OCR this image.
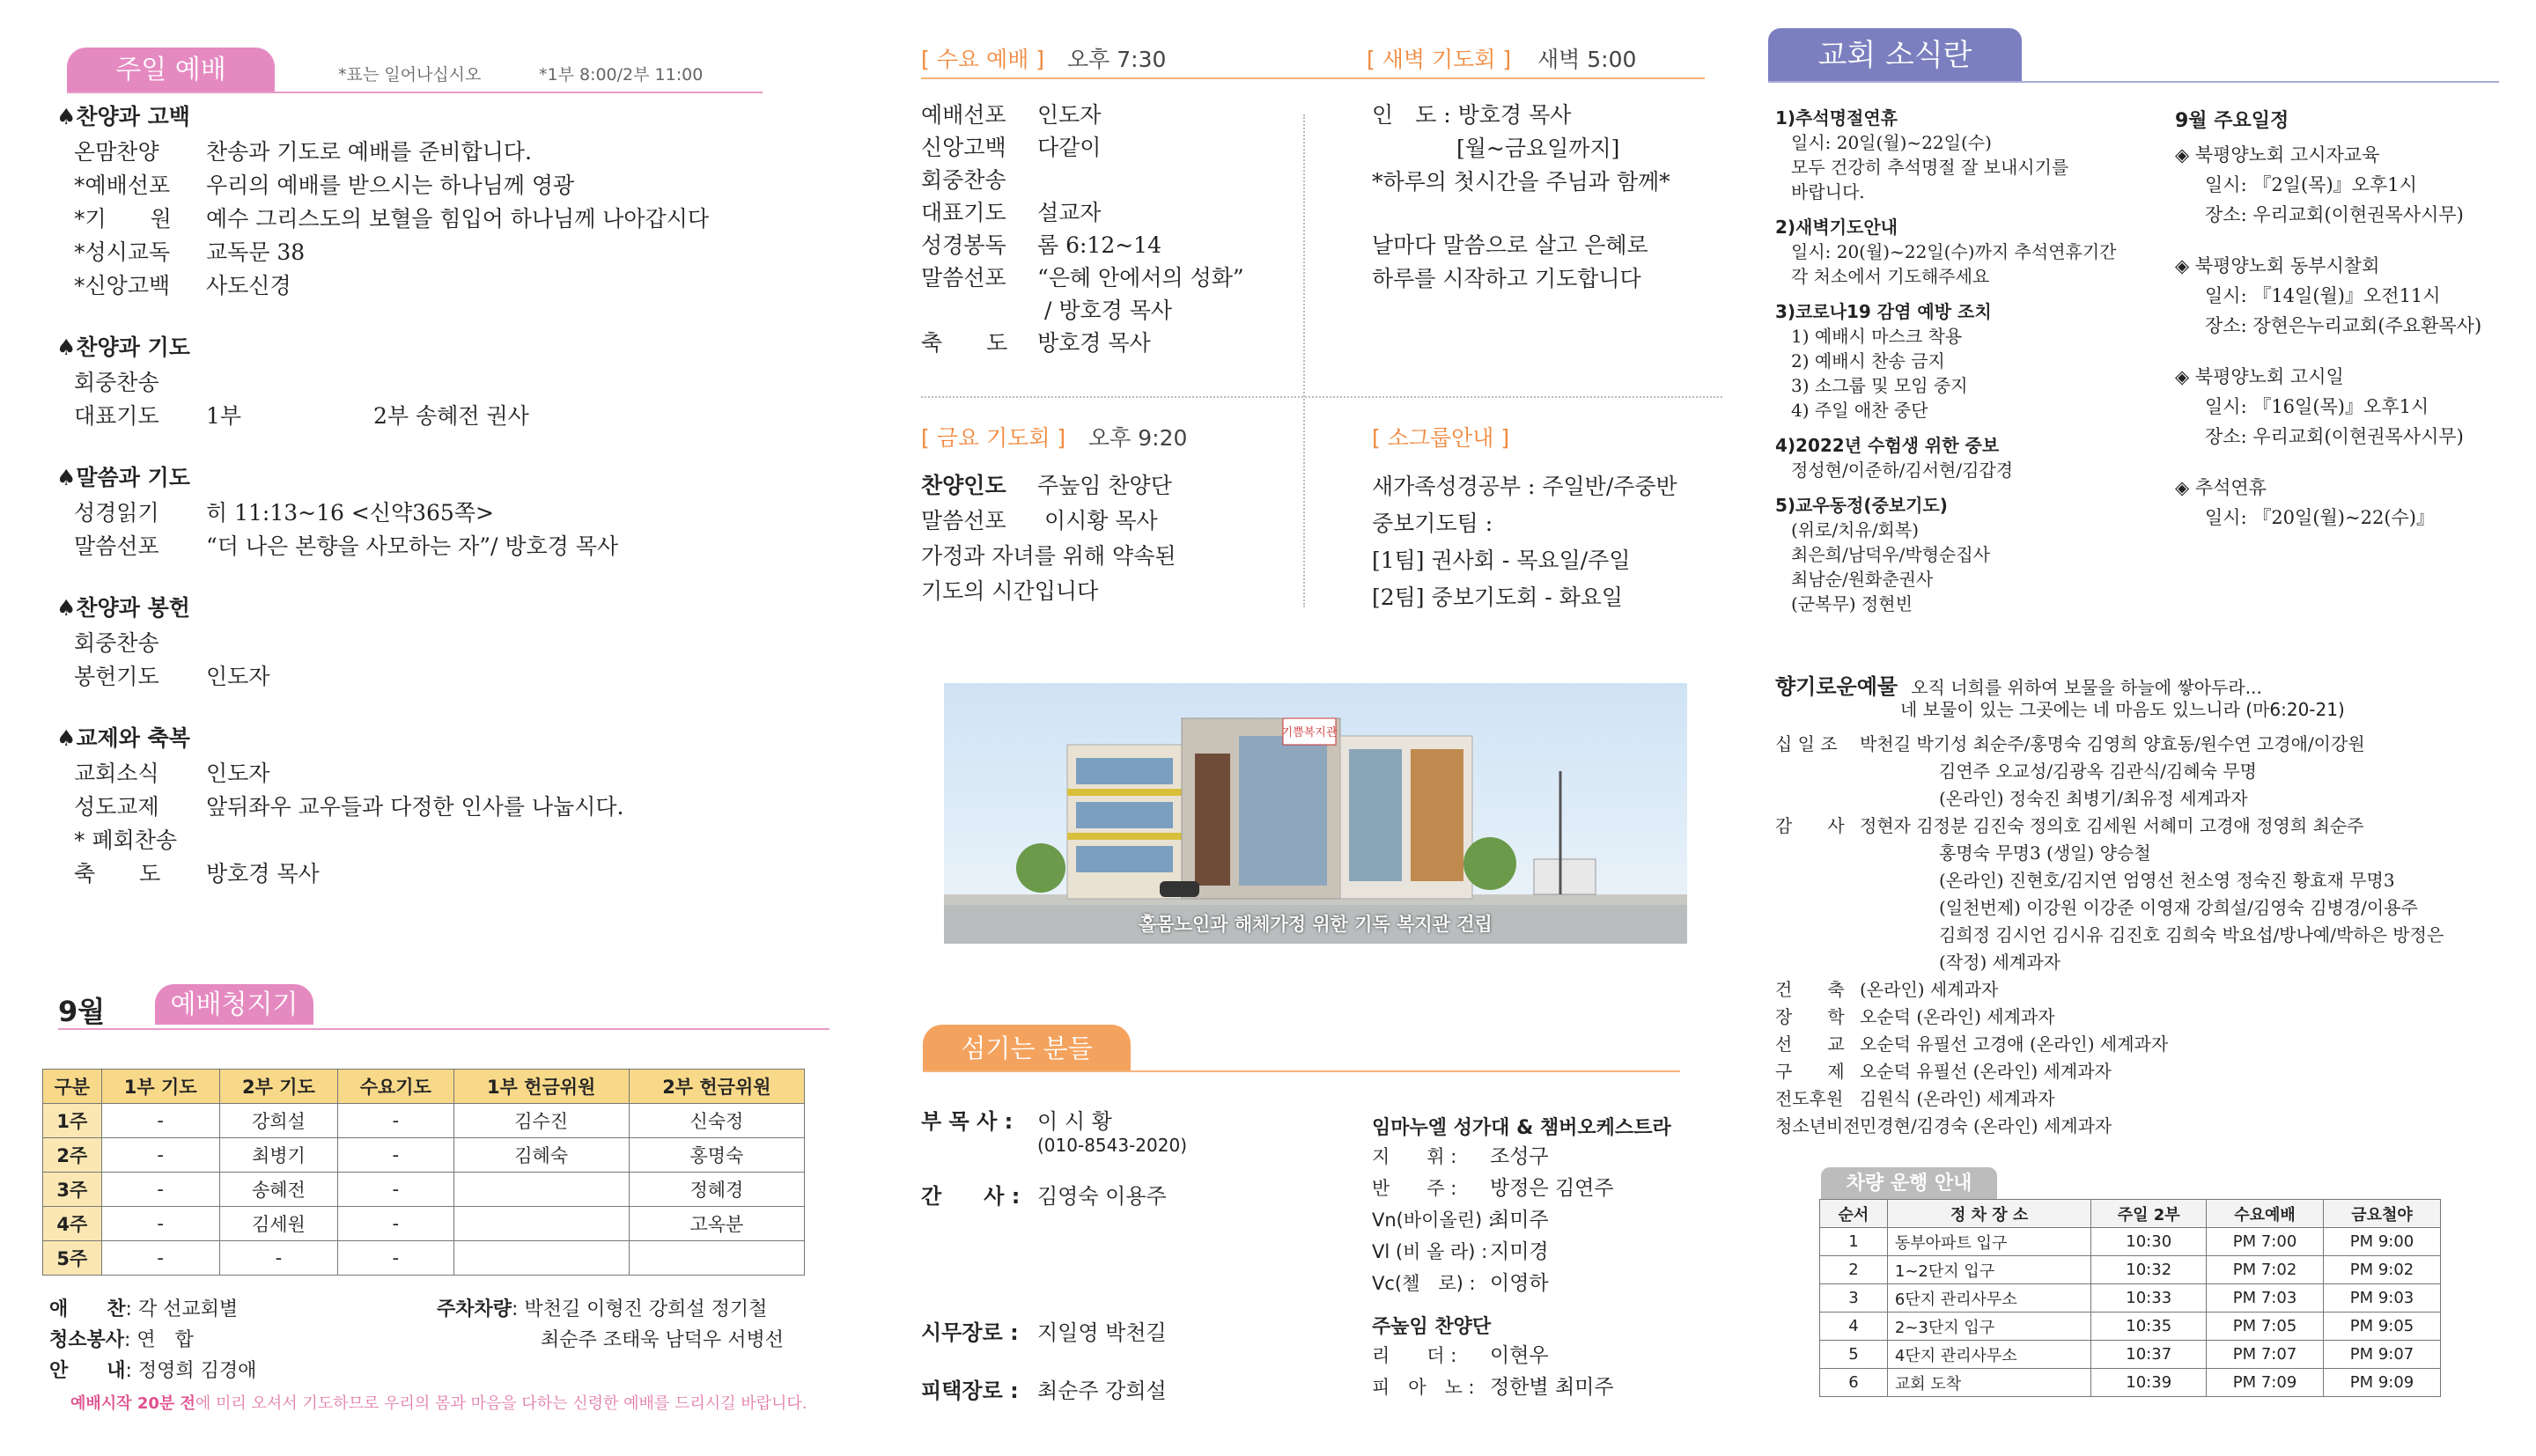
주일 예배	*표는 일어나십시오	*1부 8:00/2부 11:00
♠찬양과 고백
온맘찬양	찬송과 기도로 예배를 준비합니다.
*예배선포	우리의 예배를 받으시는 하나님께 영광
*기　　원	예수 그리스도의 보혈을 힘입어 하나님께 나아갑시다
*성시교독	교독문 38
*신앙고백	사도신경
♠찬양과 기도
회중찬송
대표기도	1부　　　　　　2부 송혜전 권사
♠말씀과 기도
성경읽기	히 11:13~16 <신약365쪽>
말씀선포	“더 나은 본향을 사모하는 자”/ 방호경 목사
♠찬양과 봉헌
회중찬송
봉헌기도	인도자
♠교제와 축복
교회소식	인도자
성도교제	앞뒤좌우 교우들과 다정한 인사를 나눕시다.
* 폐회찬송
축　　도	방호경 목사
9월	예배청지기
구분	1부 기도	2부 기도	수요기도	1부 헌금위원	2부 헌금위원
1주	-	강희설	-	김수진	신숙정
2주	-	최병기	-	김혜숙	홍명숙
3주	-	송혜전	-		정혜경
4주	-	김세원	-		고옥분
5주	-	-	-		
애　　찬: 각 선교회별	주차차량: 박천길 이형진 강희설 정기철
청소봉사: 연　합	최순주 조태욱 남덕우 서병선
안　　내: 정영희 김경애
예배시작 20분 전에 미리 오셔서 기도하므로 우리의 몸과 마음을 다하는 신령한 예배를 드리시길 바랍니다.
[ 수요 예배 ] 오후 7:30	[ 새벽 기도회 ] 새벽 5:00
예배선포 인도자
신앙고백 다같이
회중찬송
대표기도 설교자
성경봉독 롬 6:12~14
말씀선포 “은혜 안에서의 성화”
/ 방호경 목사
축　　도 방호경 목사
인　도 : 방호경 목사
[월~금요일까지]
*하루의 첫시간을 주님과 함께*
날마다 말씀으로 살고 은혜로
하루를 시작하고 기도합니다
[ 금요 기도회 ] 오후 9:20	[ 소그룹안내 ]
찬양인도 주높임 찬양단
말씀선포 이시황 목사
가정과 자녀를 위해 약속된
기도의 시간입니다
새가족성경공부 : 주일반/주중반
중보기도팀 :
[1팀] 권사회 - 목요일/주일
[2팀] 중보기도회 - 화요일
기쁨복지관
홀몸노인과 해체가정 위한 기독 복지관 건립
섬기는 분들
부 목 사 : 이 시 황
(010-8543-2020)
간　　사 : 김영숙 이용주
시무장로 : 지일영 박천길
피택장로 : 최순주 강희설
임마누엘 성가대 & 챔버오케스트라
지　　휘 : 조성구
반　　주 : 방정은 김연주
Vn(바이올린) :최미주
Vl (비 올 라) : 지미경
Vc(첼　로) : 이영하
주높임 찬양단
리　　더 : 이현우
피　아　노 : 정한별 최미주
교회 소식란
1)추석명절연휴
일시: 20일(월)~22일(수)
모두 건강히 추석명절 잘 보내시기를
바랍니다.
2)새벽기도안내
일시: 20(월)~22일(수)까지 추석연휴기간
각 처소에서 기도해주세요
3)코로나19 감염 예방 조치
1) 예배시 마스크 착용
2) 예배시 찬송 금지
3) 소그룹 및 모임 중지
4) 주일 애찬 중단
4)2022년 수험생 위한 중보
정성현/이준하/김서현/김갑경
5)교우동정(중보기도)
(위로/치유/회복)
최은희/남덕우/박형순집사
최남순/원화춘권사
(군복무) 정현빈
9월 주요일정
◈ 북평양노회 고시자교육
일시: 『2일(목)』오후1시
장소: 우리교회(이현권목사시무)
◈ 북평양노회 동부시찰회
일시: 『14일(월)』오전11시
장소: 장현은누리교회(주요환목사)
◈ 북평양노회 고시일
일시: 『16일(목)』오후1시
장소: 우리교회(이현권목사시무)
◈ 추석연휴
일시: 『20일(월)~22(수)』
향기로운예물 오직 너희를 위하여 보물을 하늘에 쌓아두라...
네 보물이 있는 그곳에는 네 마음도 있느니라 (마6:20-21)
십 일 조 박천길 박기성 최순주/홍명숙 김영희 양효동/원수연 고경애/이강원
김연주 오교성/김광옥 김관식/김혜숙 무명
(온라인) 정숙진 최병기/최유정 세계과자
감　　사 정현자 김정분 김진숙 정의호 김세원 서혜미 고경애 정영희 최순주
홍명숙 무명3 (생일) 양승철
(온라인) 진현호/김지연 엄영선 천소영 정숙진 황효재 무명3
(일천번제) 이강원 이강준 이영재 강희설/김영숙 김병경/이용주
김희정 김시언 김시유 김진호 김희숙 박요섭/방나예/박하은 방정은
(작정) 세계과자
건　　축 (온라인) 세계과자
장　　학 오순덕 (온라인) 세계과자
선　　교 오순덕 유필선 고경애 (온라인) 세계과자
구　　제 오순덕 유필선 (온라인) 세계과자
전도후원 김원식 (온라인) 세계과자
청소년비전민경현/김경숙 (온라인) 세계과자
차량 운행 안내
순서	정 차 장 소	주일 2부	수요예배	금요철야
1	동부아파트 입구	10:30	PM 7:00	PM 9:00
2	1~2단지 입구	10:32	PM 7:02	PM 9:02
3	6단지 관리사무소	10:33	PM 7:03	PM 9:03
4	2~3단지 입구	10:35	PM 7:05	PM 9:05
5	4단지 관리사무소	10:37	PM 7:07	PM 9:07
6	교회 도착	10:39	PM 7:09	PM 9:09
